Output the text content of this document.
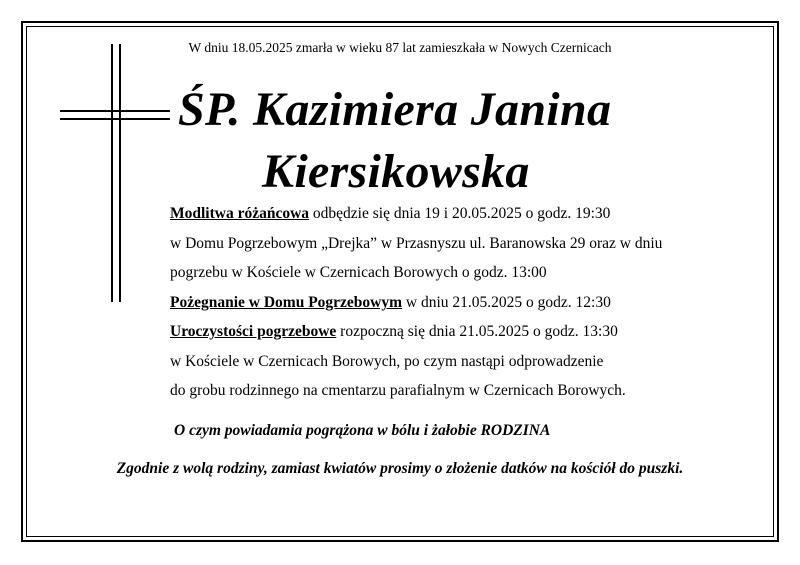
W dniu 18.05.2025 zmarła w wieku 87 lat zamieszkała w Nowych Czernicach
ŚP. Kazimiera Janina
Kiersikowska
Modlitwa różańcowa odbędzie się dnia 19 i 20.05.2025 o godz. 19:30
w Domu Pogrzebowym „Drejka” w Przasnyszu ul. Baranowska 29 oraz w dniu
pogrzebu w Kościele w Czernicach Borowych o godz. 13:00
Pożegnanie w Domu Pogrzebowym w dniu 21.05.2025 o godz. 12:30
Uroczystości pogrzebowe rozpoczną się dnia 21.05.2025 o godz. 13:30
w Kościele w Czernicach Borowych, po czym nastąpi odprowadzenie
do grobu rodzinnego na cmentarzu parafialnym w Czernicach Borowych.
O czym powiadamia pogrążona w bólu i żałobie RODZINA
Zgodnie z wolą rodziny, zamiast kwiatów prosimy o złożenie datków na kościół do puszki.
